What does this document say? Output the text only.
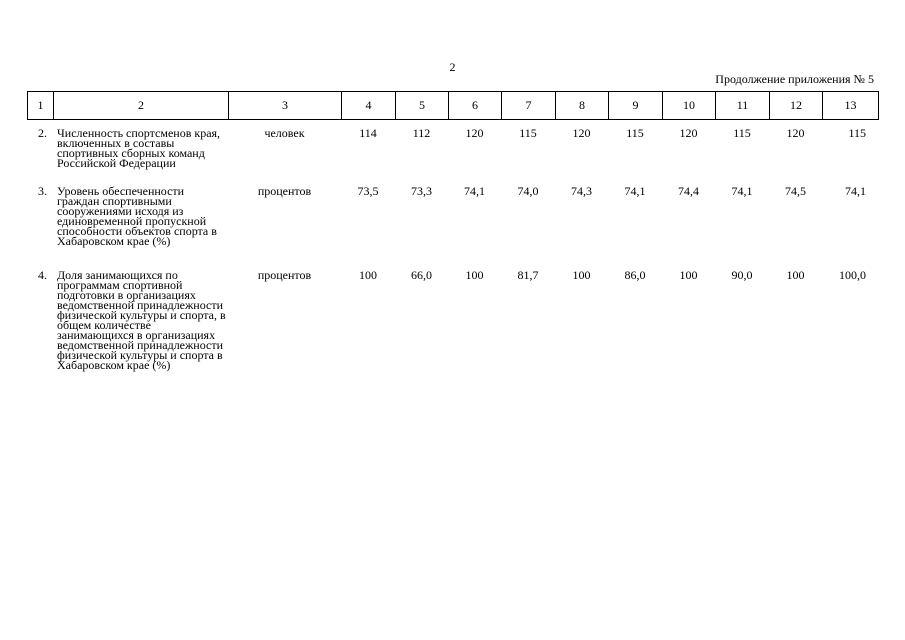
2
Продолжение приложения № 5
1	2	3	4	5	6	7	8	9	10	11	12	13
2.	Численность спортсменов края, включенных в составы спортивных сборных команд Российской Федерации	человек	114	112	120	115	120	115	120	115	120	115
3.	Уровень обеспеченности граждан спортивными сооружениями исходя из единовременной пропускной способности объектов спорта в Хабаровском крае (%)	процентов	73,5	73,3	74,1	74,0	74,3	74,1	74,4	74,1	74,5	74,1
4.	Доля занимающихся по программам спортивной подготовки в организациях ведомственной принадлежности физической культуры и спорта, в общем количестве занимающихся в организациях ведомственной принадлежности физической культуры и спорта в Хабаровском крае (%)	процентов	100	66,0	100	81,7	100	86,0	100	90,0	100	100,0
